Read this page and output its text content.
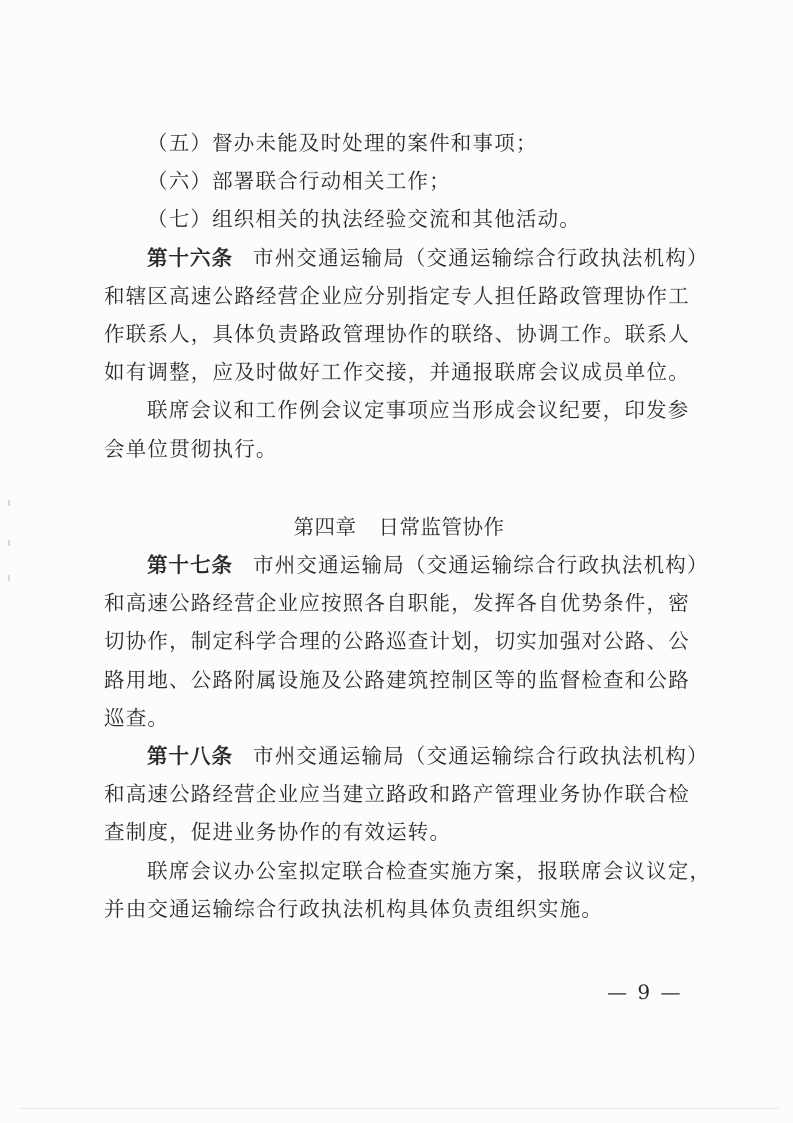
（五）督办未能及时处理的案件和事项；
（六）部署联合行动相关工作；
（七）组织相关的执法经验交流和其他活动。
第十六条 市州交通运输局（交通运输综合行政执法机构）
和辖区高速公路经营企业应分别指定专人担任路政管理协作工
作联系人，具体负责路政管理协作的联络、协调工作。联系人
如有调整，应及时做好工作交接，并通报联席会议成员单位。
联席会议和工作例会议定事项应当形成会议纪要，印发参
会单位贯彻执行。
第四章 日常监管协作
第十七条 市州交通运输局（交通运输综合行政执法机构）
和高速公路经营企业应按照各自职能，发挥各自优势条件，密
切协作，制定科学合理的公路巡查计划，切实加强对公路、公
路用地、公路附属设施及公路建筑控制区等的监督检查和公路
巡查。
第十八条 市州交通运输局（交通运输综合行政执法机构）
和高速公路经营企业应当建立路政和路产管理业务协作联合检
查制度，促进业务协作的有效运转。
联席会议办公室拟定联合检查实施方案，报联席会议议定，
并由交通运输综合行政执法机构具体负责组织实施。
— 9 —
